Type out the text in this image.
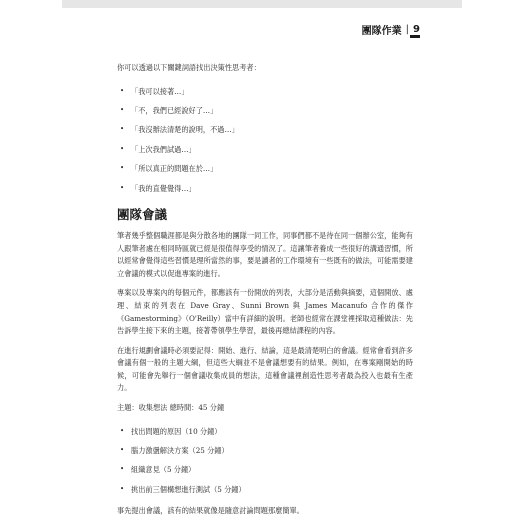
團隊作業 | 9

你可以透過以下關鍵詞語找出決策性思考者：

• 「我可以接著…」
• 「不，我們已經說好了…」
• 「我沒辦法清楚的說明，不過…」
• 「上次我們試過…」
• 「所以真正的問題在於…」
• 「我的直覺覺得…」
團隊會議

筆者幾乎整個職涯都是與分散各地的團隊一同工作，同事們都不是待在同一個辦公室，能夠有人跟筆者處在相同時區就已經是很值得享受的情況了。這讓筆者養成一些很好的溝通習慣，所以經常會覺得這些習慣是理所當然的事，要是讀者的工作環境有一些既有的做法，可能需要建立會議的模式以促進專案的進行。

專案以及專案內的每個元件，都應該有一份開放的列表，大部分是活動與摘要，這個開放、處理、結束的列表在 Dave Gray、Sunni Brown 與 James Macanufo 合作的傑作《Gamestorming》（O'Reilly）當中有詳細的說明。老師也經常在課堂裡採取這種做法：先告訴學生接下來的主題，接著帶領學生學習，最後再總結課程的內容。

在進行規劃會議時必須要記得：開始、進行、結論，這是最清楚明白的會議。經常會看到許多會議有個一般的主題大綱，但這些大綱並不是會議想要有的結果。例如，在專案剛開始的時候，可能會先舉行一個會議收集成員的想法，這種會議裡創造性思考者最為投入也最有生產力。

主題：收集想法 總時間：45 分鐘

• 找出問題的原因（10 分鐘）
• 腦力激盪解決方案（25 分鐘）
• 組織意見（5 分鐘）
• 挑出前三個構想進行測試（5 分鐘）

事先提出會議，該有的結果就像是隨意討論問題那麼簡單。
